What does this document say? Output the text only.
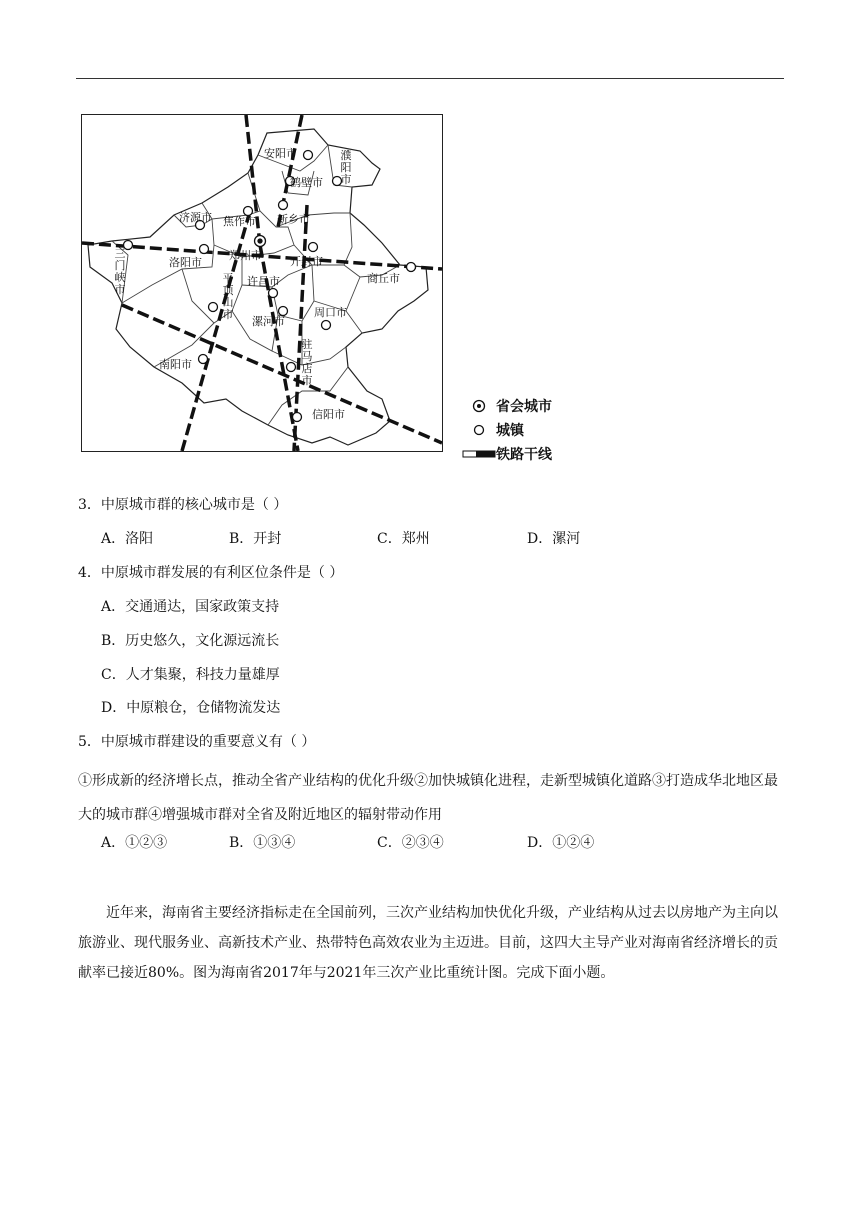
安阳市
鹤壁市
济源市 焦作市 新乡市
洛阳市
郑州市	开封市
商丘市
许昌市
漯河市
周口市
南阳市
信阳市
濮阳市
三门峡市
平顶山市
驻马店市
省会城市
城镇
铁路干线
3．中原城市群的核心城市是（ ）
A．洛阳	B．开封	C．郑州	D．漯河
4．中原城市群发展的有利区位条件是（ ）
A．交通通达，国家政策支持
B．历史悠久，文化源远流长
C．人才集聚，科技力量雄厚
D．中原粮仓，仓储物流发达
5．中原城市群建设的重要意义有（ ）
①形成新的经济增长点，推动全省产业结构的优化升级②加快城镇化进程，走新型城镇化道路③打造成华北地区最大的城市群④增强城市群对全省及附近地区的辐射带动作用
A．①②③	B．①③④	C．②③④	D．①②④
近年来，海南省主要经济指标走在全国前列，三次产业结构加快优化升级，产业结构从过去以房地产为主向以旅游业、现代服务业、高新技术产业、热带特色高效农业为主迈进。目前，这四大主导产业对海南省经济增长的贡献率已接近80%。图为海南省2017年与2021年三次产业比重统计图。完成下面小题。
